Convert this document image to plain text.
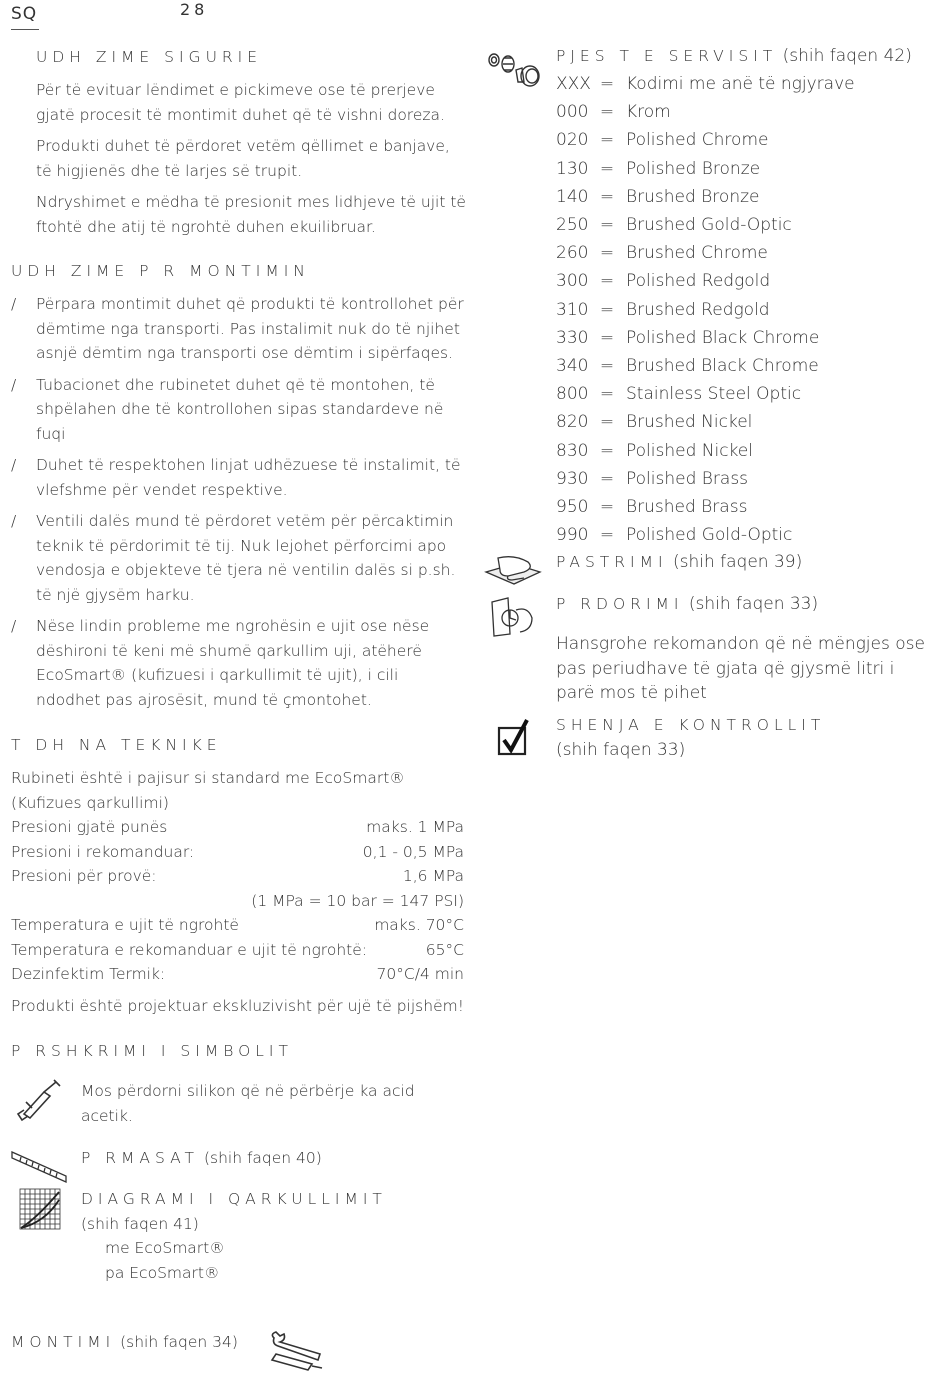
SQ	28
UDH ZIME SIGURIE
Për të evituar lëndimet e pickimeve ose të prerjeve gjatë procesit të montimit duhet që të vishni doreza.
Produkti duhet të përdoret vetëm qëllimet e banjave, të higjienës dhe të larjes së trupit.
Ndryshimet e mëdha të presionit mes lidhjeve të ujit të ftohtë dhe atij të ngrohtë duhen ekuilibruar.
UDH ZIME P R MONTIMIN
/ Përpara montimit duhet që produkti të kontrollohet për dëmtime nga transporti. Pas instalimit nuk do të njihet asnjë dëmtim nga transporti ose dëmtim i sipërfaqes.
/ Tubacionet dhe rubinetet duhet që të montohen, të shpëlahen dhe të kontrollohen sipas standardeve në fuqi
/ Duhet të respektohen linjat udhëzuese të instalimit, të vlefshme për vendet respektive.
/ Ventili dalës mund të përdoret vetëm për përcaktimin teknik të përdorimit të tij. Nuk lejohet përforcimi apo vendosja e objekteve të tjera në ventilin dalës si p.sh. të një gjysëm harku.
/ Nëse lindin probleme me ngrohësin e ujit ose nëse dëshironi të keni më shumë qarkullim uji, atëherë EcoSmart® (kufizuesi i qarkullimit të ujit), i cili ndodhet pas ajrosësit, mund të çmontohet.
T DH NA TEKNIKE
Rubineti është i pajisur si standard me EcoSmart® (Kufizues qarkullimi)
Presioni gjatë punës	maks. 1 MPa
Presioni i rekomanduar:	0,1 - 0,5 MPa
Presioni për provë:	1,6 MPa
(1 MPa = 10 bar = 147 PSI)
Temperatura e ujit të ngrohtë	maks. 70°C
Temperatura e rekomanduar e ujit të ngrohtë:	65°C
Dezinfektim Termik:	70°C/4 min
Produkti është projektuar ekskluzivisht për ujë të pijshëm!
P RSHKRIMI I SIMBOLIT
Mos përdorni silikon që në përbërje ka acid acetik.
P RMASAT (shih faqen 40)
DIAGRAMI I QARKULLIMIT
(shih faqen 41)
me EcoSmart®
pa EcoSmart®
MONTIMI (shih faqen 34)
PJES T E SERVISIT (shih faqen 42)
XXX = Kodimi me anë të ngjyrave
000 = Krom
020 = Polished Chrome
130 = Polished Bronze
140 = Brushed Bronze
250 = Brushed Gold-Optic
260 = Brushed Chrome
300 = Polished Redgold
310 = Brushed Redgold
330 = Polished Black Chrome
340 = Brushed Black Chrome
800 = Stainless Steel Optic
820 = Brushed Nickel
830 = Polished Nickel
930 = Polished Brass
950 = Brushed Brass
990 = Polished Gold-Optic
PASTRIMI (shih faqen 39)
P RDORIMI (shih faqen 33)
Hansgrohe rekomandon që në mëngjes ose pas periudhave të gjata që gjysmë litri i parë mos të pihet
SHENJA E KONTROLLIT
(shih faqen 33)
